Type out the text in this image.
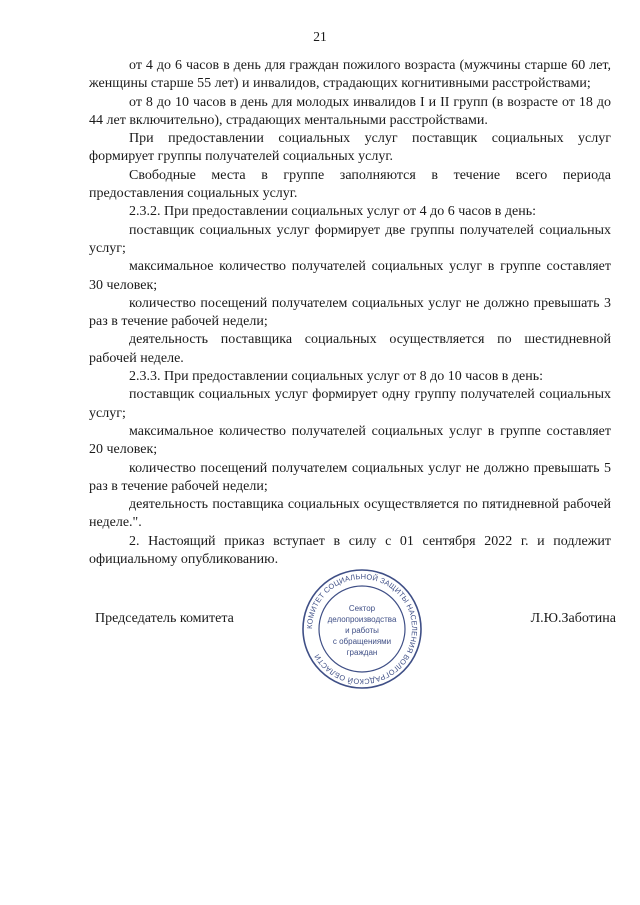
21

от 4 до 6 часов в день для граждан пожилого возраста (мужчины старше 60 лет, женщины старше 55 лет) и инвалидов, страдающих когнитивными расстройствами;

от 8 до 10 часов в день для молодых инвалидов I и II групп (в возрасте от 18 до 44 лет включительно), страдающих ментальными расстройствами.

При предоставлении социальных услуг поставщик социальных услуг формирует группы получателей социальных услуг.

Свободные места в группе заполняются в течение всего периода предоставления социальных услуг.

2.3.2. При предоставлении социальных услуг от 4 до 6 часов в день:

поставщик социальных услуг формирует две группы получателей социальных услуг;

максимальное количество получателей социальных услуг в группе составляет 30 человек;

количество посещений получателем социальных услуг не должно превышать 3 раз в течение рабочей недели;

деятельность поставщика социальных осуществляется по шестидневной рабочей неделе.

2.3.3. При предоставлении социальных услуг от 8 до 10 часов в день:

поставщик социальных услуг формирует одну группу получателей социальных услуг;

максимальное количество получателей социальных услуг в группе составляет 20 человек;

количество посещений получателем социальных услуг не должно превышать 5 раз в течение рабочей недели;

деятельность поставщика социальных осуществляется по пятидневной рабочей неделе.".

2. Настоящий приказ вступает в силу с 01 сентября 2022 г. и подлежит официальному опубликованию.

Председатель комитета	Л.Ю.Заботина
КОМИТЕТ СОЦИАЛЬНОЙ ЗАЩИТЫ НАСЕЛЕНИЯ ВОЛГОГРАДСКОЙ ОБЛАСТИ
Сектор
делопроизводства
и работы
с обращениями
граждан
